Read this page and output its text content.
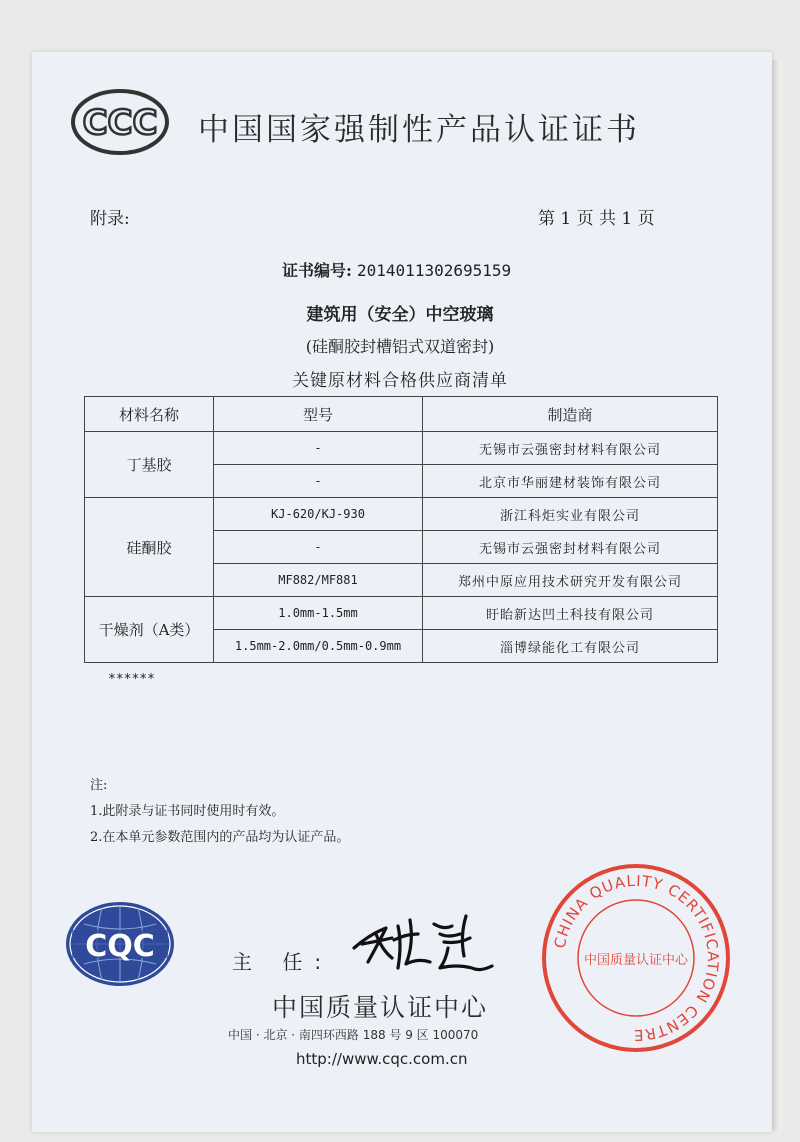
CCC 中国国家强制性产品认证证书
附录:	第 1 页 共 1 页
证书编号: 2014011302695159
建筑用（安全）中空玻璃
(硅酮胶封槽铝式双道密封)
关键原材料合格供应商清单
材料名称	型号	制造商
丁基胶	-	无锡市云强密封材料有限公司
	-	北京市华丽建材装饰有限公司
硅酮胶	KJ-620/KJ-930	浙江科炬实业有限公司
	-	无锡市云强密封材料有限公司
	MF882/MF881	郑州中原应用技术研究开发有限公司
干燥剂（A类）	1.0mm-1.5mm	盱眙新达凹土科技有限公司
	1.5mm-2.0mm/0.5mm-0.9mm	淄博绿能化工有限公司
******
注:
1.此附录与证书同时使用时有效。
2.在本单元参数范围内的产品均为认证产品。
CQC	主 任:
中国质量认证中心
中国 · 北京 · 南四环西路 188 号 9 区 100070
http://www.cqc.com.cn
CHINA QUALITY CERTIFICATION CENTRE
中国质量认证中心
